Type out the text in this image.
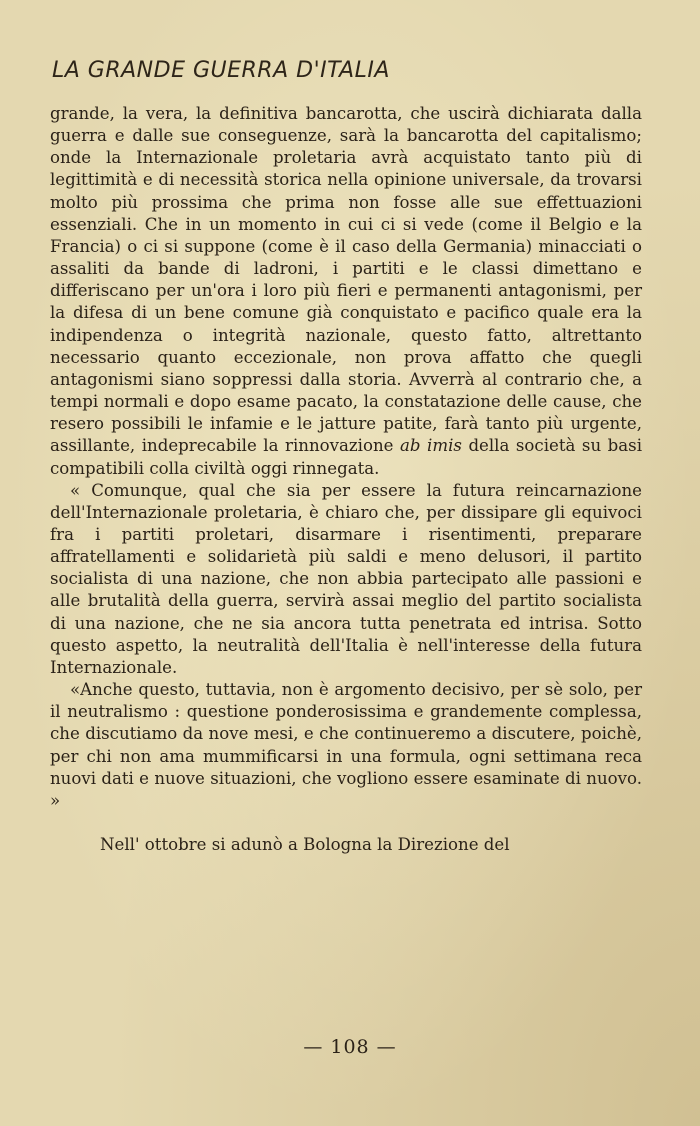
LA GRANDE GUERRA D'ITALIA

grande, la vera, la definitiva bancarotta, che uscirà dichiarata dalla guerra e dalle sue conseguenze, sarà la bancarotta del capitalismo; onde la Internazionale proletaria avrà acquistato tanto più di legittimità e di necessità storica nella opinione universale, da trovarsi molto più prossima che prima non fosse alle sue effettuazioni essenziali. Che in un momento in cui ci si vede (come il Belgio e la Francia) o ci si suppone (come è il caso della Germania) minacciati o assaliti da bande di ladroni, i partiti e le classi dimettano e differiscano per un'ora i loro più fieri e permanenti antagonismi, per la difesa di un bene comune già conquistato e pacifico quale era la indipendenza o integrità nazionale, questo fatto, altrettanto necessario quanto eccezionale, non prova affatto che quegli antagonismi siano soppressi dalla storia. Avverrà al contrario che, a tempi normali e dopo esame pacato, la constatazione delle cause, che resero possibili le infamie e le jatture patite, farà tanto più urgente, assillante, indeprecabile la rinnovazione ab imis della società su basi compatibili colla civiltà oggi rinnegata.

« Comunque, qual che sia per essere la futura reincarnazione dell'Internazionale proletaria, è chiaro che, per dissipare gli equivoci fra i partiti proletari, disarmare i risentimenti, preparare affratellamenti e solidarietà più saldi e meno delusori, il partito socialista di una nazione, che non abbia partecipato alle passioni e alle brutalità della guerra, servirà assai meglio del partito socialista di una nazione, che ne sia ancora tutta penetrata ed intrisa. Sotto questo aspetto, la neutralità dell'Italia è nell'interesse della futura Internazionale.

«Anche questo, tuttavia, non è argomento decisivo, per sè solo, per il neutralismo : questione ponderosissima e grandemente complessa, che discutiamo da nove mesi, e che continueremo a discutere, poichè, per chi non ama mummificarsi in una formula, ogni settimana reca nuovi dati e nuove situazioni, che vogliono essere esaminate di nuovo. »

Nell' ottobre si adunò a Bologna la Direzione del

— 108 —
